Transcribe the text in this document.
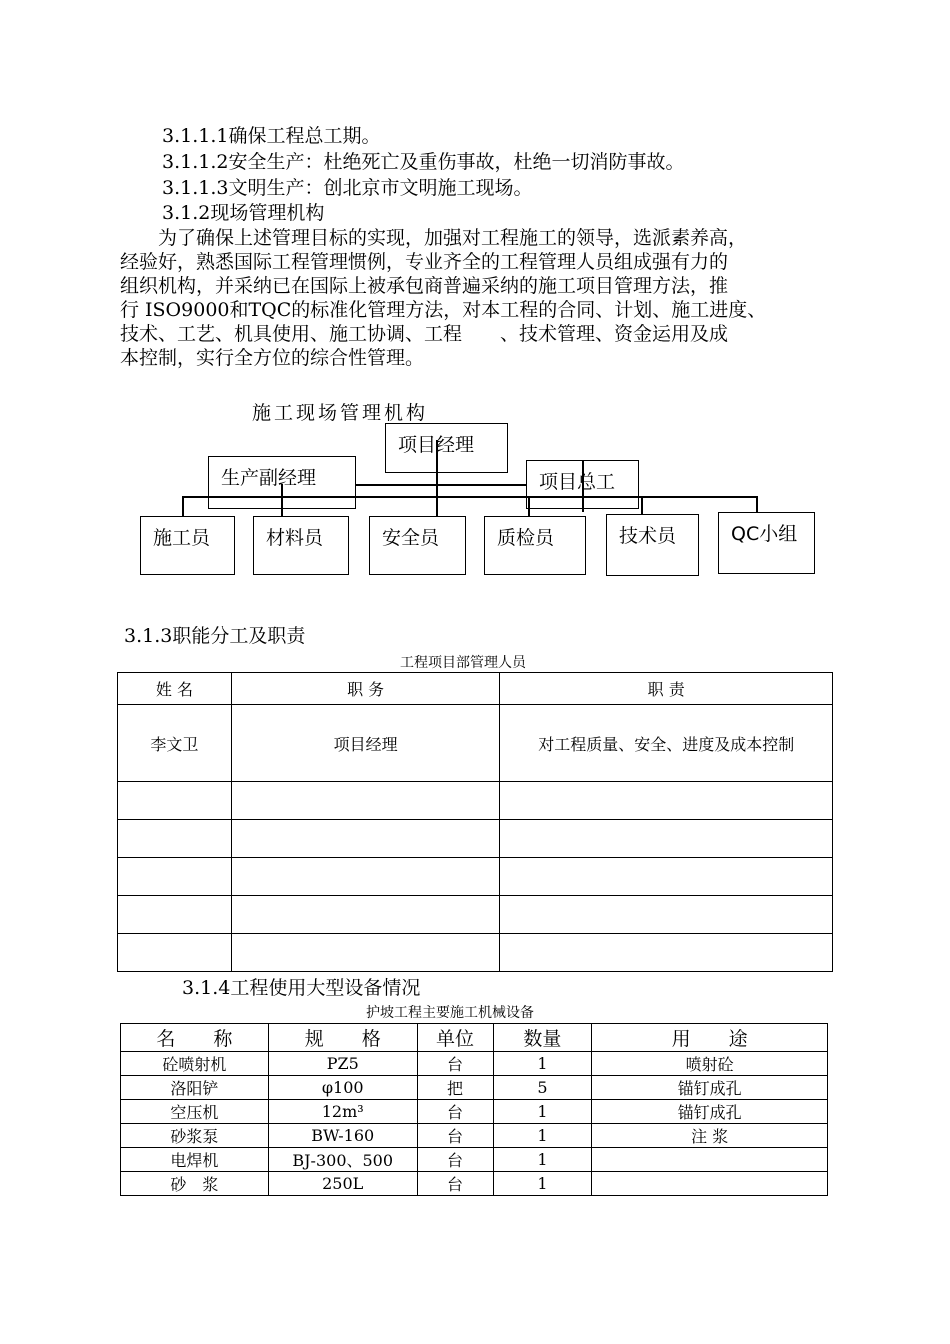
3.1.1.1确保工程总工期。
3.1.1.2安全生产：杜绝死亡及重伤事故，杜绝一切消防事故。
3.1.1.3文明生产：创北京市文明施工现场。
3.1.2现场管理机构

　　为了确保上述管理目标的实现，加强对工程施工的领导，选派素养高，

经验好，熟悉国际工程管理惯例，专业齐全的工程管理人员组成强有力的

组织机构，并采纳已在国际上被承包商普遍采纳的施工项目管理方法，推

行 ISO9000和TQC的标准化管理方法，对本工程的合同、计划、施工进度、

技术、工艺、机具使用、施工协调、工程　　、技术管理、资金运用及成

本控制，实行全方位的综合性管理。

施工现场管理机构
项目经理
生产副经理	项目总工
施工员	材料员	安全员	质检员	技术员	QC小组
3.1.3职能分工及职责
工程项目部管理人员
姓 名	职 务	职 责
李文卫	项目经理	对工程质量、安全、进度及成本控制

3.1.4工程使用大型设备情况
护坡工程主要施工机械设备
名　　称	规　　格	单位	数量	用　　途
砼喷射机	PZ5	台	1	喷射砼
洛阳铲	φ100	把	5	锚钉成孔
空压机	12m³	台	1	锚钉成孔
砂浆泵	BW-160	台	1	注 浆
电焊机	BJ-300、500	台	1	
砂　浆	250L	台	1	
